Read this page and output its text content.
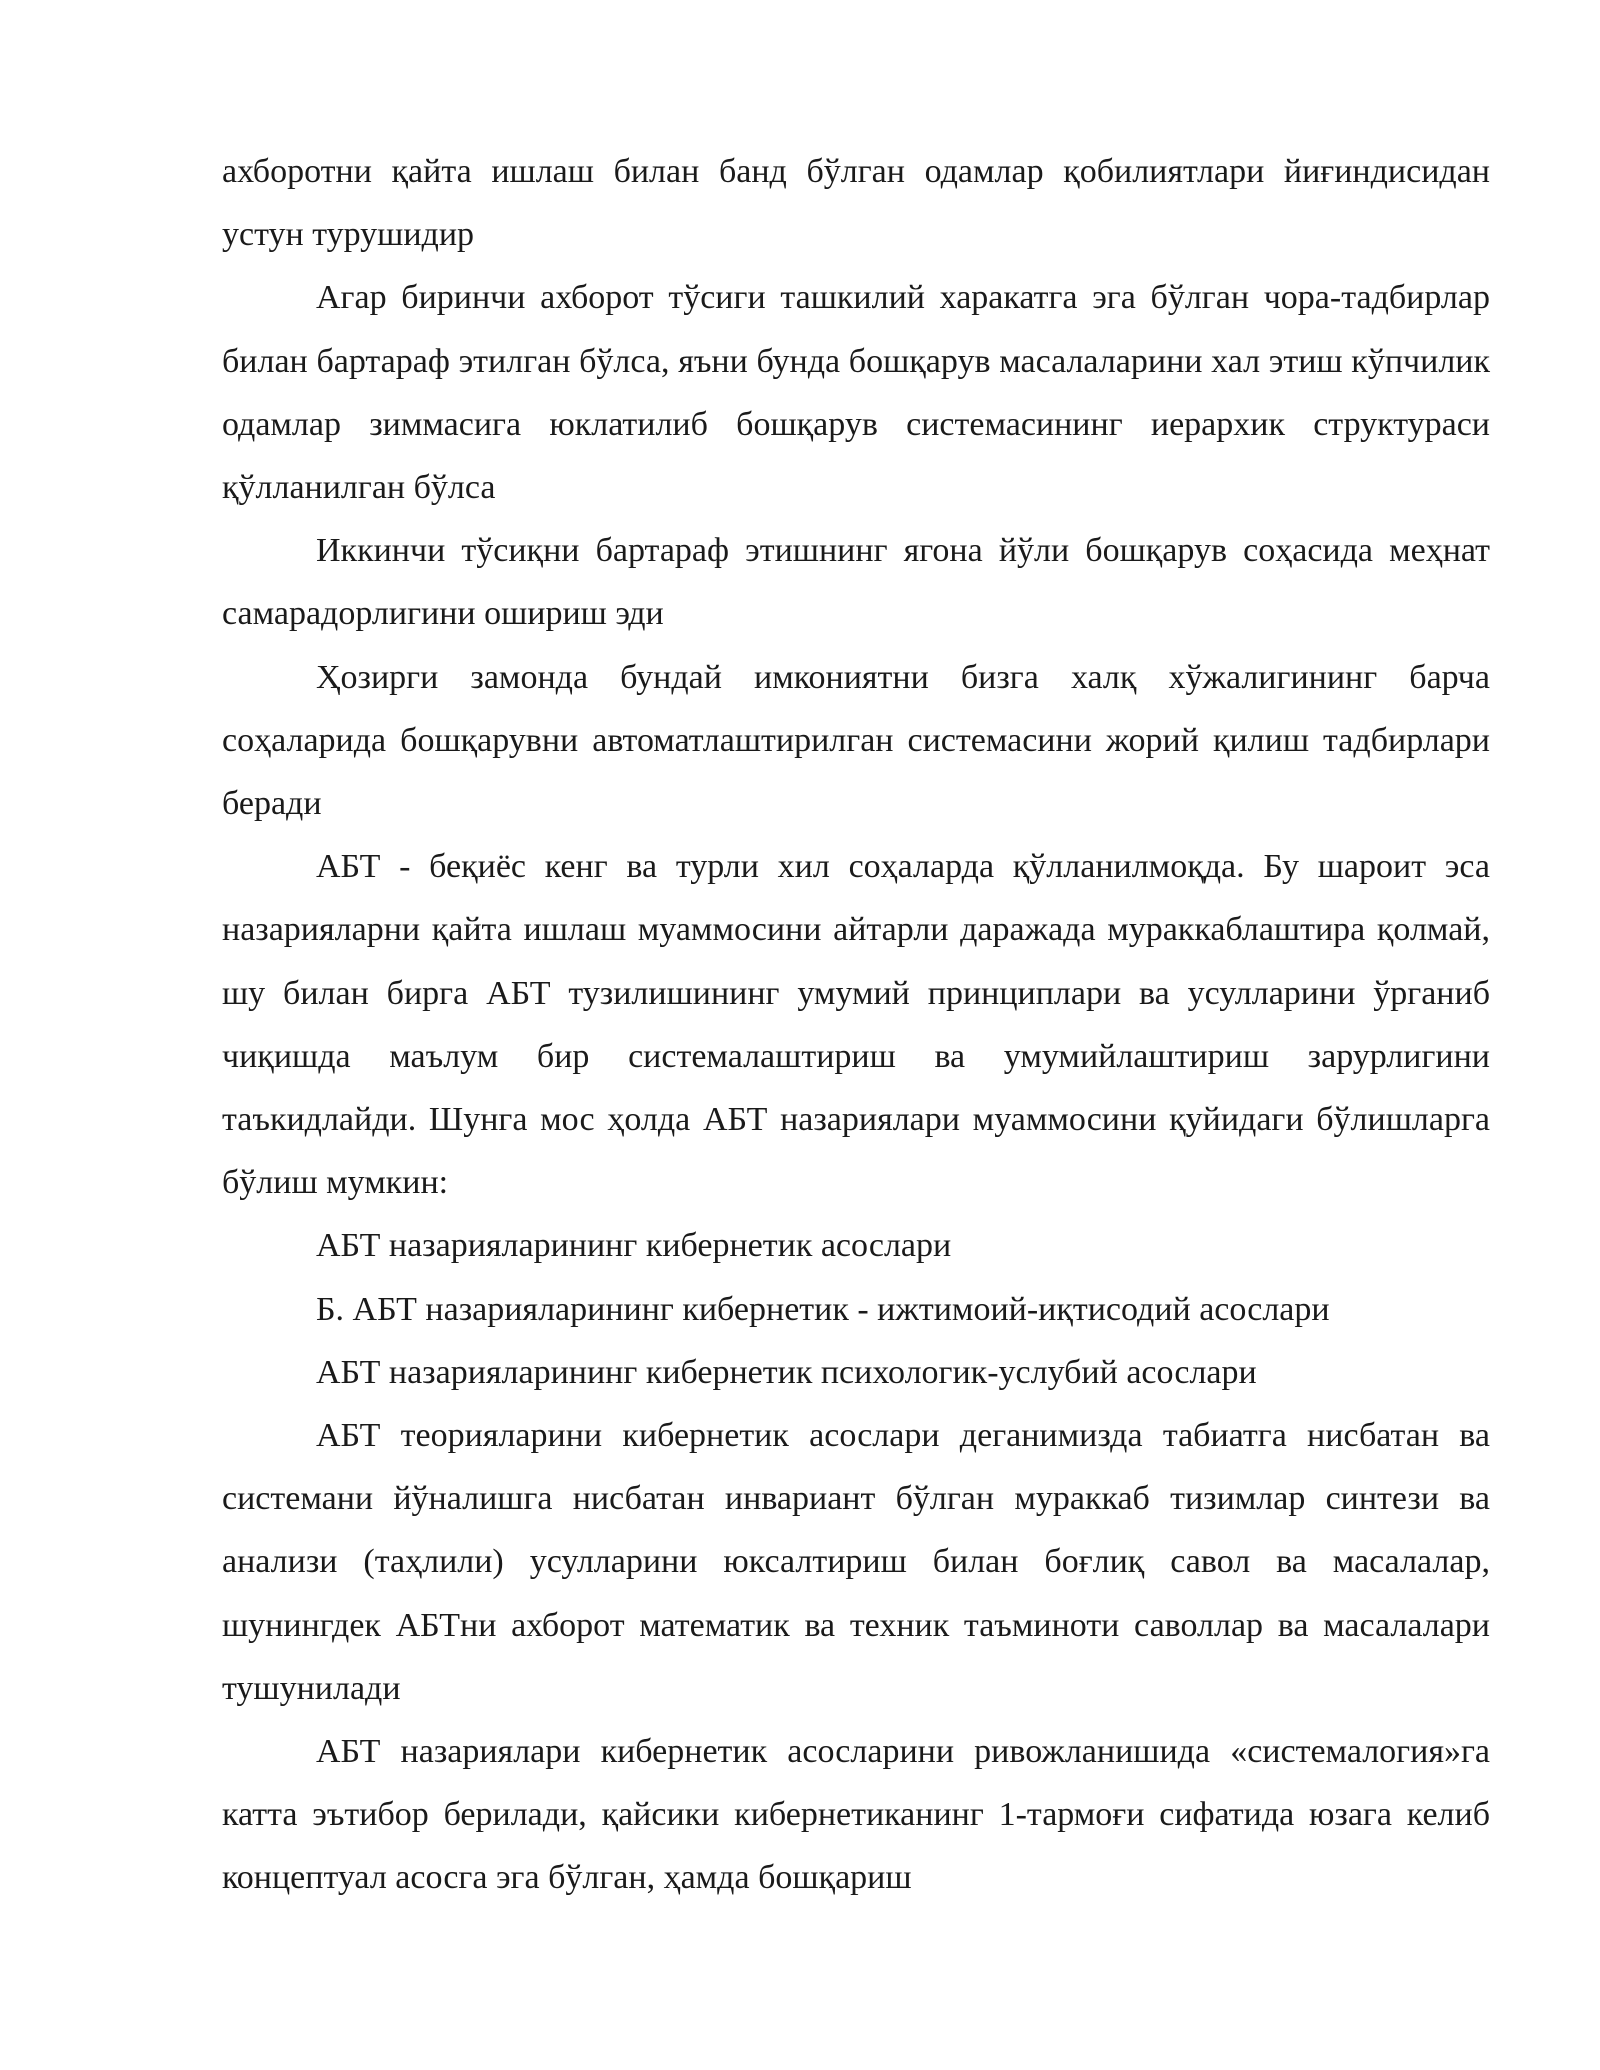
ахборотни қайта ишлаш билан банд бўлган одамлар қобилиятлари йиғиндисидан устун турушидир

Агар биринчи ахборот тўсиги ташкилий харакатга эга бўлган чора-тадбирлар билан бартараф этилган бўлса, яъни бунда бошқарув масалаларини хал этиш кўпчилик одамлар зиммасига юклатилиб бошқарув системасининг иерархик структураси қўлланилган бўлса

Иккинчи тўсиқни бартараф этишнинг ягона йўли бошқарув соҳасида меҳнат самарадорлигини ошириш эди

Ҳозирги замонда бундай имкониятни бизга халқ хўжалигининг барча соҳаларида бошқарувни автоматлаштирилган системасини жорий қилиш тадбирлари беради

АБТ - беқиёс кенг ва турли хил соҳаларда қўлланилмоқда. Бу шароит эса назарияларни қайта ишлаш муаммосини айтарли даражада мураккаблаштира қолмай, шу билан бирга АБТ тузилишининг умумий принциплари ва усулларини ўрганиб чиқишда маълум бир системалаштириш ва умумийлаштириш зарурлигини таъкидлайди. Шунга мос ҳолда АБТ назариялари муаммосини қуйидаги бўлишларга бўлиш мумкин:

АБТ назарияларининг кибернетик асослари

Б. АБТ назарияларининг кибернетик - ижтимоий-иқтисодий асослари

АБТ назарияларининг кибернетик психологик-услубий асослари

АБТ теорияларини кибернетик асослари деганимизда табиатга нисбатан ва системани йўналишга нисбатан инвариант бўлган мураккаб тизимлар синтези ва анализи (таҳлили) усулларини юксалтириш билан боғлиқ савол ва масалалар, шунингдек АБТни ахборот математик ва техник таъминоти саволлар ва масалалари тушунилади

АБТ назариялари кибернетик асосларини ривожланишида «системалогия»га катта эътибор берилади, қайсики кибернетиканинг 1-тармоғи сифатида юзага келиб концептуал асосга эга бўлган, ҳамда бошқариш
